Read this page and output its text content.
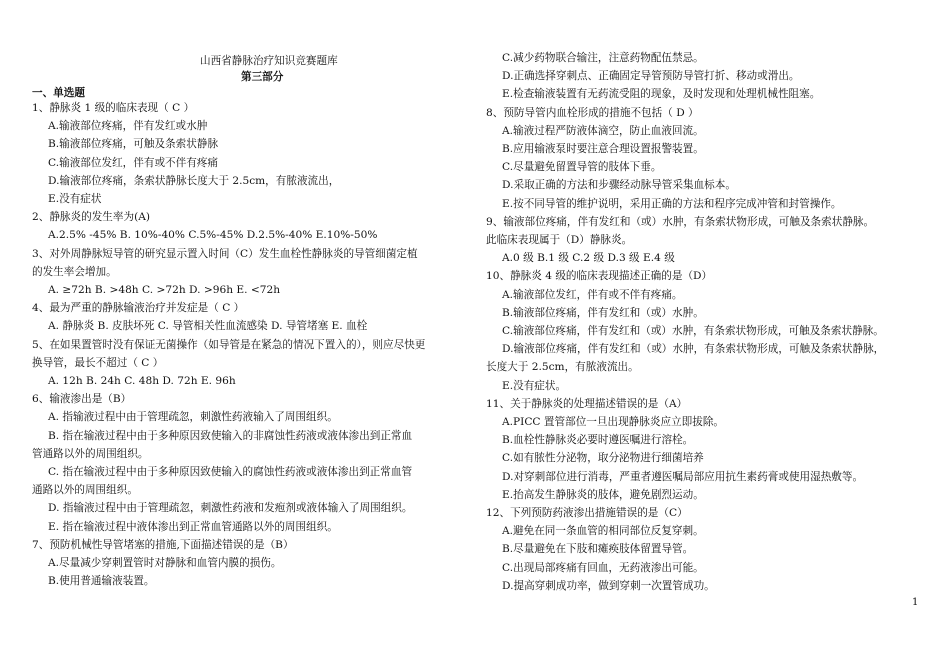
山西省静脉治疗知识竞赛题库
第三部分
一、单选题
1、静脉炎 1 级的临床表现（ C ）
A.输液部位疼痛，伴有发红或水肿
B.输液部位疼痛，可触及条索状静脉
C.输液部位发红，伴有或不伴有疼痛
D.输液部位疼痛，条索状静脉长度大于 2.5cm，有脓液流出，
E.没有症状
2、静脉炎的发生率为(A)
A.2.5% -45% B. 10%-40% C.5%-45% D.2.5%-40% E.10%-50%
3、对外周静脉短导管的研究显示置入时间（C）发生血栓性静脉炎的导管细菌定植
的发生率会增加。
A. ≥72h B. >48h C. >72h D. >96h E. <72h
4、最为严重的静脉输液治疗并发症是（ C ）
A. 静脉炎 B. 皮肤坏死 C. 导管相关性血流感染 D. 导管堵塞 E. 血栓
5、在如果置管时没有保证无菌操作（如导管是在紧急的情况下置入的），则应尽快更
换导管，最长不超过（ C ）
A. 12h B. 24h C. 48h D. 72h E. 96h
6、输液渗出是（B）
A. 指输液过程中由于管理疏忽，刺激性药液输入了周围组织。
B. 指在输液过程中由于多种原因致使输入的非腐蚀性药液或液体渗出到正常血
管通路以外的周围组织。
C. 指在输液过程中由于多种原因致使输入的腐蚀性药液或液体渗出到正常血管
通路以外的周围组织。
D. 指输液过程中由于管理疏忽，刺激性药液和发疱剂或液体输入了周围组织。
E. 指在输液过程中液体渗出到正常血管通路以外的周围组织。
7、预防机械性导管堵塞的措施,下面描述错误的是（B）
A.尽量减少穿刺置管时对静脉和血管内膜的损伤。
B.使用普通输液装置。
C.减少药物联合输注，注意药物配伍禁忌。
D.正确选择穿刺点、正确固定导管预防导管打折、移动或滑出。
E.检查输液装置有无药流受阻的现象，及时发现和处理机械性阻塞。
8、预防导管内血栓形成的措施不包括（ D ）
A.输液过程严防液体滴空，防止血液回流。
B.应用输液泵时要注意合理设置报警装置。
C.尽量避免留置导管的肢体下垂。
D.采取正确的方法和步骤经动脉导管采集血标本。
E.按不同导管的维护说明，采用正确的方法和程序完成冲管和封管操作。
9、输液部位疼痛，伴有发红和（或）水肿，有条索状物形成，可触及条索状静脉。
此临床表现属于（D）静脉炎。
A.0 级 B.1 级 C.2 级 D.3 级 E.4 级
10、静脉炎 4 级的临床表现描述正确的是（D）
A.输液部位发红，伴有或不伴有疼痛。
B.输液部位疼痛，伴有发红和（或）水肿。
C.输液部位疼痛，伴有发红和（或）水肿，有条索状物形成，可触及条索状静脉。
D.输液部位疼痛，伴有发红和（或）水肿，有条索状物形成，可触及条索状静脉，
长度大于 2.5cm，有脓液流出。
E.没有症状。
11、关于静脉炎的处理描述错误的是（A）
A.PICC 置管部位一旦出现静脉炎应立即拔除。
B.血栓性静脉炎必要时遵医嘱进行溶栓。
C.如有脓性分泌物，取分泌物进行细菌培养
D.对穿刺部位进行消毒，严重者遵医嘱局部应用抗生素药膏或使用湿热敷等。
E.抬高发生静脉炎的肢体，避免剧烈运动。
12、下列预防药液渗出措施错误的是（C）
A.避免在同一条血管的相同部位反复穿刺。
B.尽量避免在下肢和瘫痪肢体留置导管。
C.出现局部疼痛有回血，无药液渗出可能。
D.提高穿刺成功率，做到穿刺一次置管成功。
1
